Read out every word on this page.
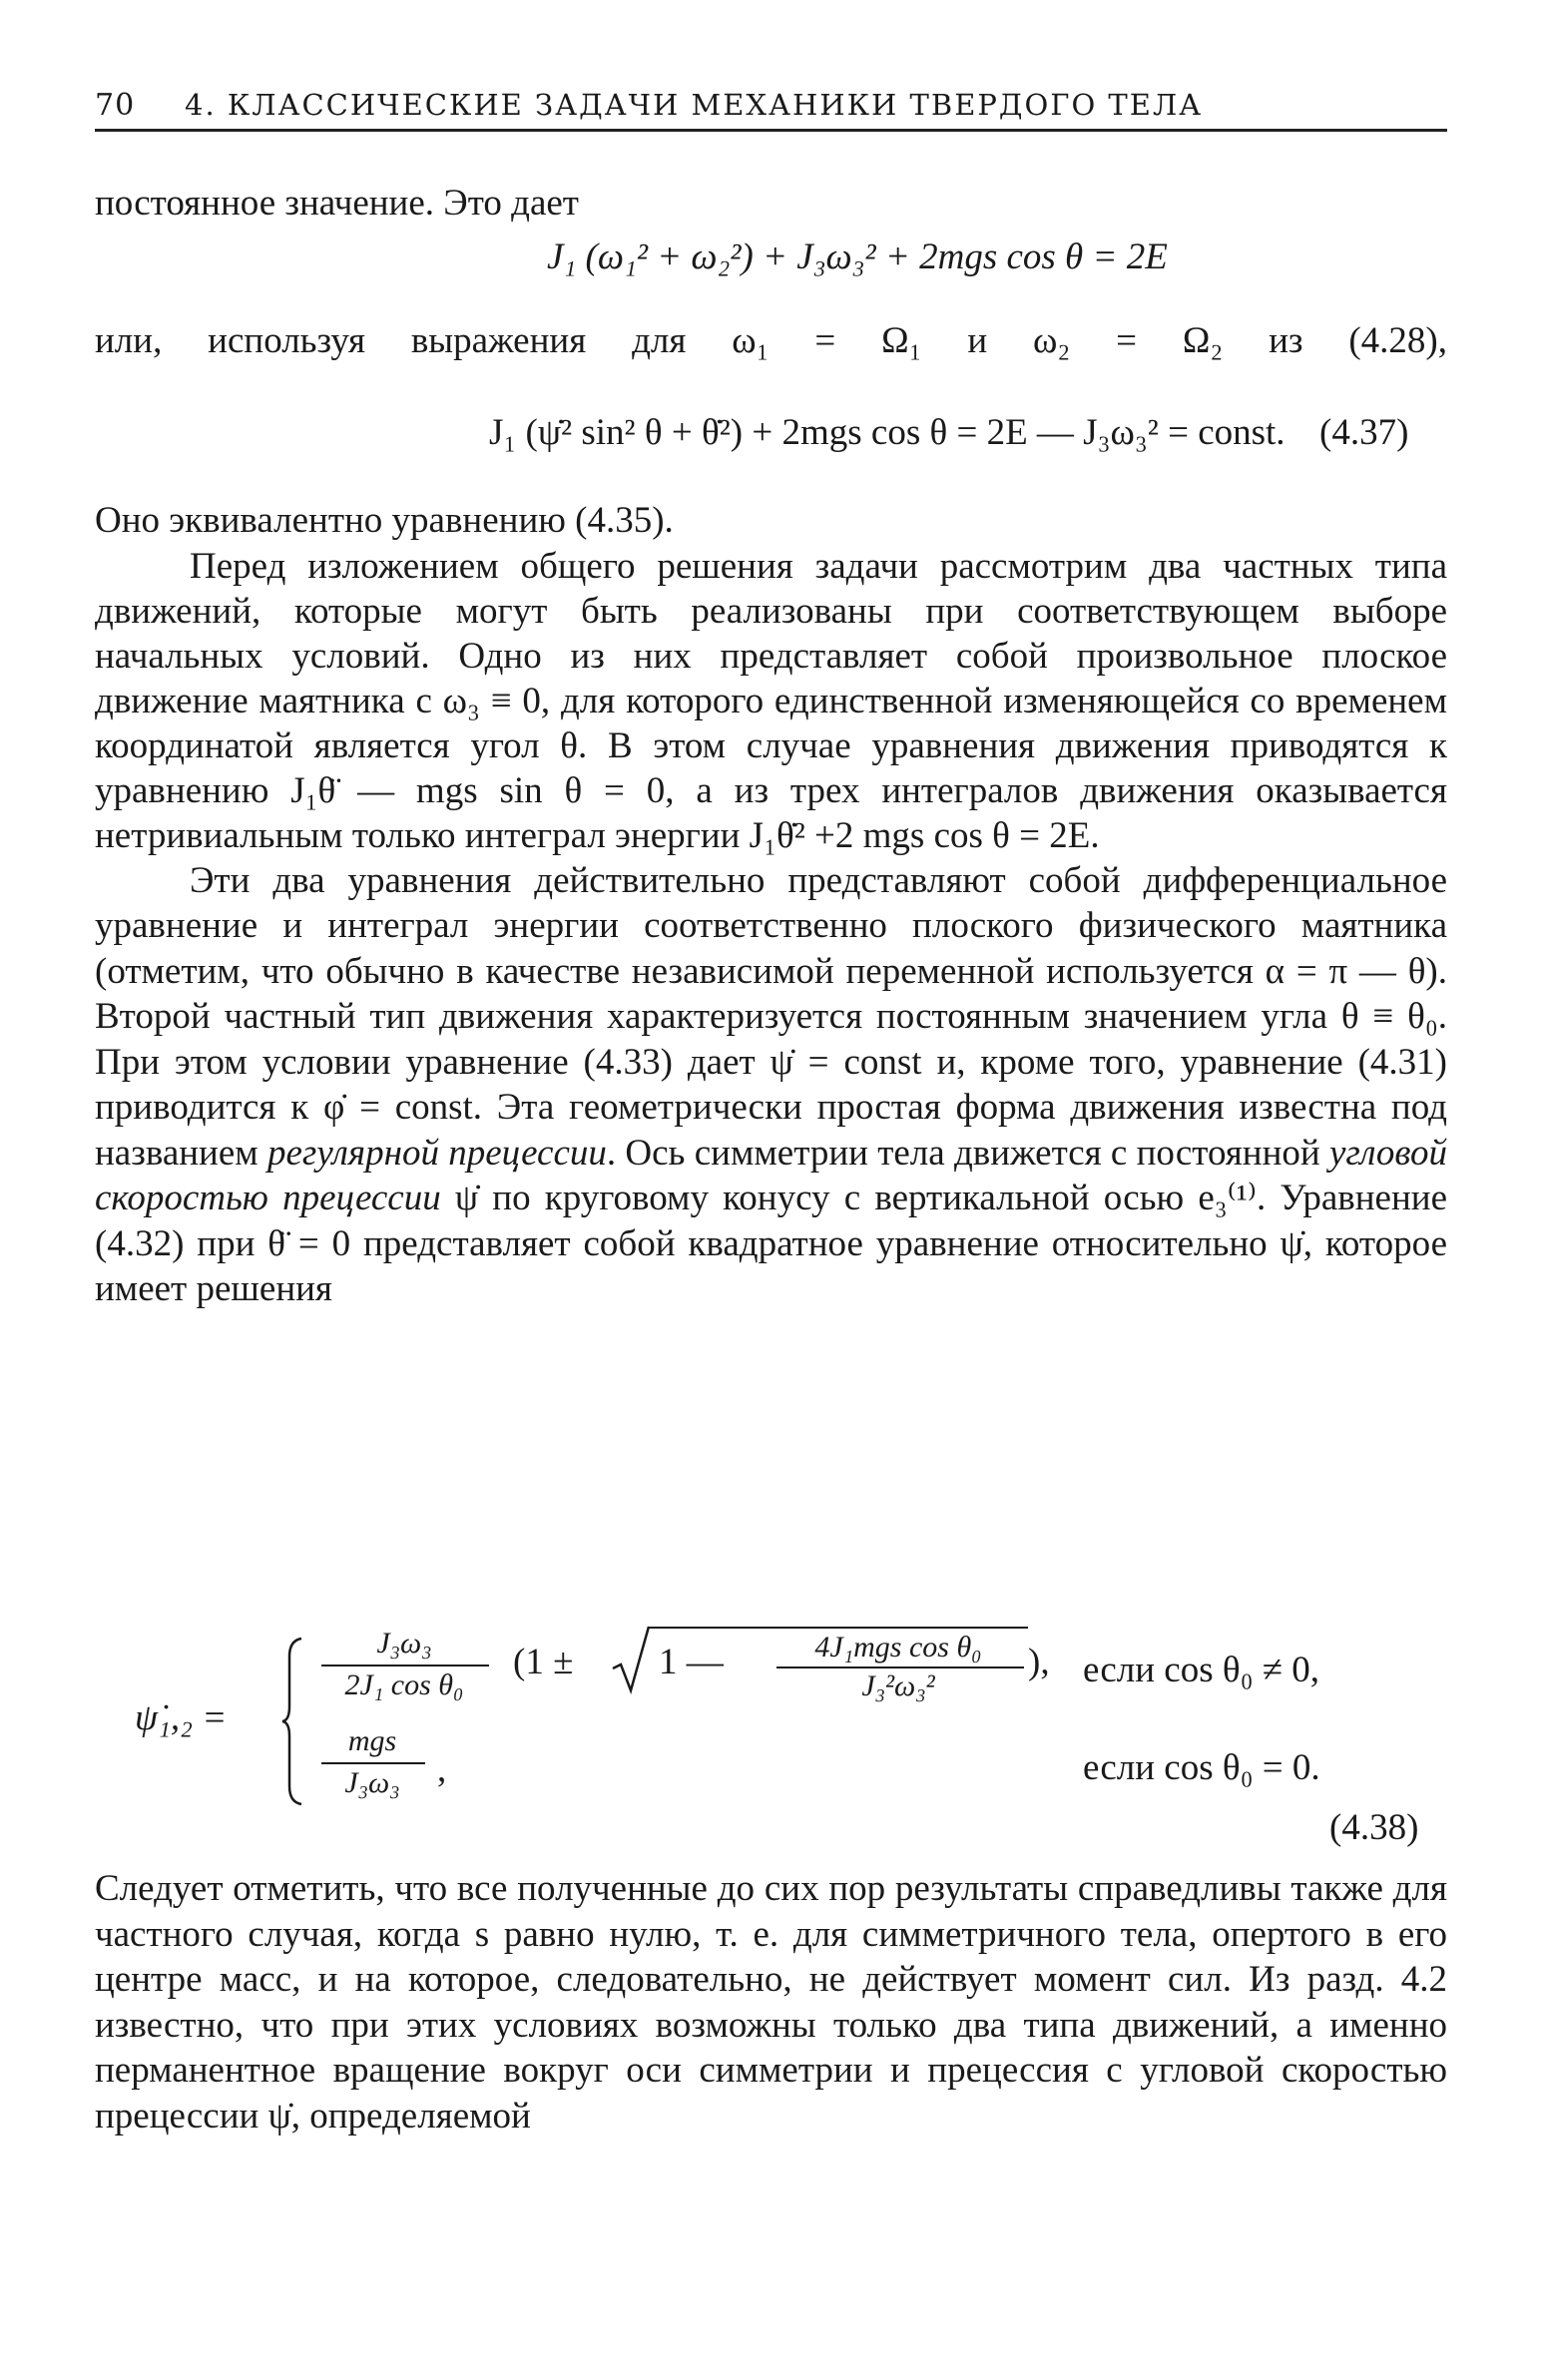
70	4. КЛАССИЧЕСКИЕ ЗАДАЧИ МЕХАНИКИ ТВЕРДОГО ТЕЛА

постоянное значение. Это дает

J₁ (ω₁² + ω₂²) + J₃ω₃² + 2mgs cos θ = 2E

или, используя выражения для ω₁ = Ω₁ и ω₂ = Ω₂ из (4.28),

J₁ (ψ̇² sin² θ + θ̇²) + 2mgs cos θ = 2E — J₃ω₃² = const. (4.37)

Оно эквивалентно уравнению (4.35).

Перед изложением общего решения задачи рассмотрим два частных типа движений, которые могут быть реализованы при соответствующем выборе начальных условий. Одно из них представляет собой произвольное плоское движение маятника с ω₃ ≡ 0, для которого единственной изменяющейся со временем координатой является угол θ. В этом случае уравнения движения приводятся к уравнению J₁θ̈ — mgs sin θ = 0, а из трех интегралов движения оказывается нетривиальным только интеграл энергии J₁θ̇² +2 mgs cos θ = 2E.

Эти два уравнения действительно представляют собой дифференциальное уравнение и интеграл энергии соответственно плоского физического маятника (отметим, что обычно в качестве независимой переменной используется α = π — θ). Второй частный тип движения характеризуется постоянным значением угла θ ≡ θ₀. При этом условии уравнение (4.33) дает ψ̇ = const и, кроме того, уравнение (4.31) приводится к φ̇ = const. Эта геометрически простая форма движения известна под названием регулярной прецессии. Ось симметрии тела движется с постоянной угловой скоростью прецессии ψ̇ по круговому конусу с вертикальной осью e₃⁽¹⁾. Уравнение (4.32) при θ̈ = 0 представляет собой квадратное уравнение относительно ψ̇, которое имеет решения

ψ̇₁,₂ =
J₃ω₃
2J₁ cos θ₀
(1 ± 1 —	4J₁mgs cos θ₀
J₃²ω₃²
), если cos θ₀ ≠ 0,
mgs
J₃ω₃	,	если cos θ₀ = 0.
(4.38)

Следует отметить, что все полученные до сих пор результаты справедливы также для частного случая, когда s равно нулю, т. е. для симметричного тела, опертого в его центре масс, и на которое, следовательно, не действует момент сил. Из разд. 4.2 известно, что при этих условиях возможны только два типа движений, а именно перманентное вращение вокруг оси симметрии и прецессия с угловой скоростью прецессии ψ̇, определяемой
